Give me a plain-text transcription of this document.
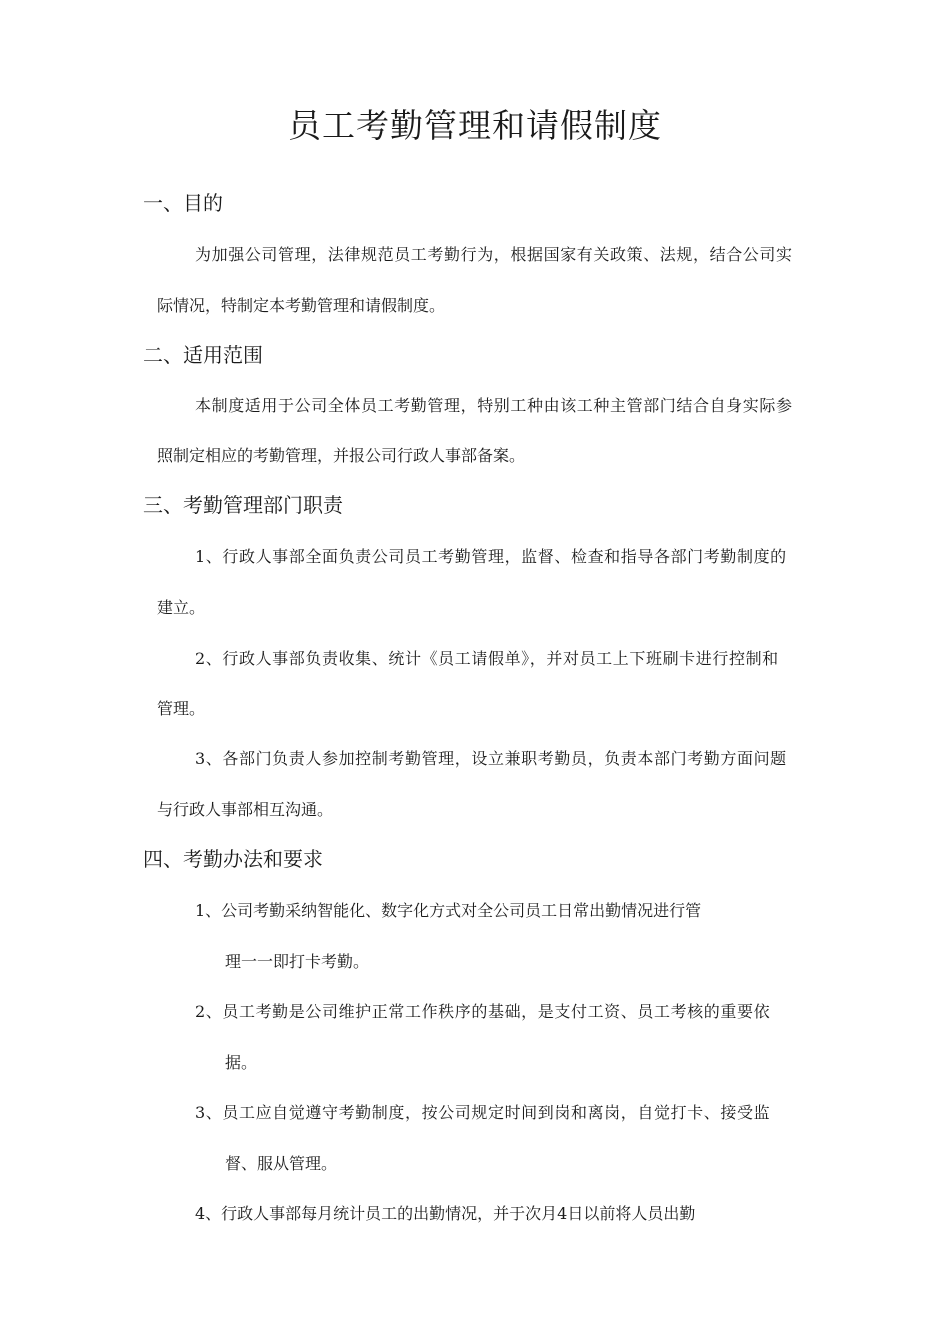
员工考勤管理和请假制度
一、目的
为加强公司管理，法律规范员工考勤行为，根据国家有关政策、法规，结合公司实
际情况，特制定本考勤管理和请假制度。
二、适用范围
本制度适用于公司全体员工考勤管理，特别工种由该工种主管部门结合自身实际参
照制定相应的考勤管理，并报公司行政人事部备案。
三、考勤管理部门职责
1、行政人事部全面负责公司员工考勤管理，监督、检查和指导各部门考勤制度的
建立。
2、行政人事部负责收集、统计《员工请假单》，并对员工上下班刷卡进行控制和
管理。
3、各部门负责人参加控制考勤管理，设立兼职考勤员，负责本部门考勤方面问题
与行政人事部相互沟通。
四、考勤办法和要求
1、公司考勤采纳智能化、数字化方式对全公司员工日常出勤情况进行管
理一一即打卡考勤。
2、员工考勤是公司维护正常工作秩序的基础，是支付工资、员工考核的重要依
据。
3、员工应自觉遵守考勤制度，按公司规定时间到岗和离岗，自觉打卡、接受监
督、服从管理。
4、行政人事部每月统计员工的出勤情况，并于次月4日以前将人员出勤
